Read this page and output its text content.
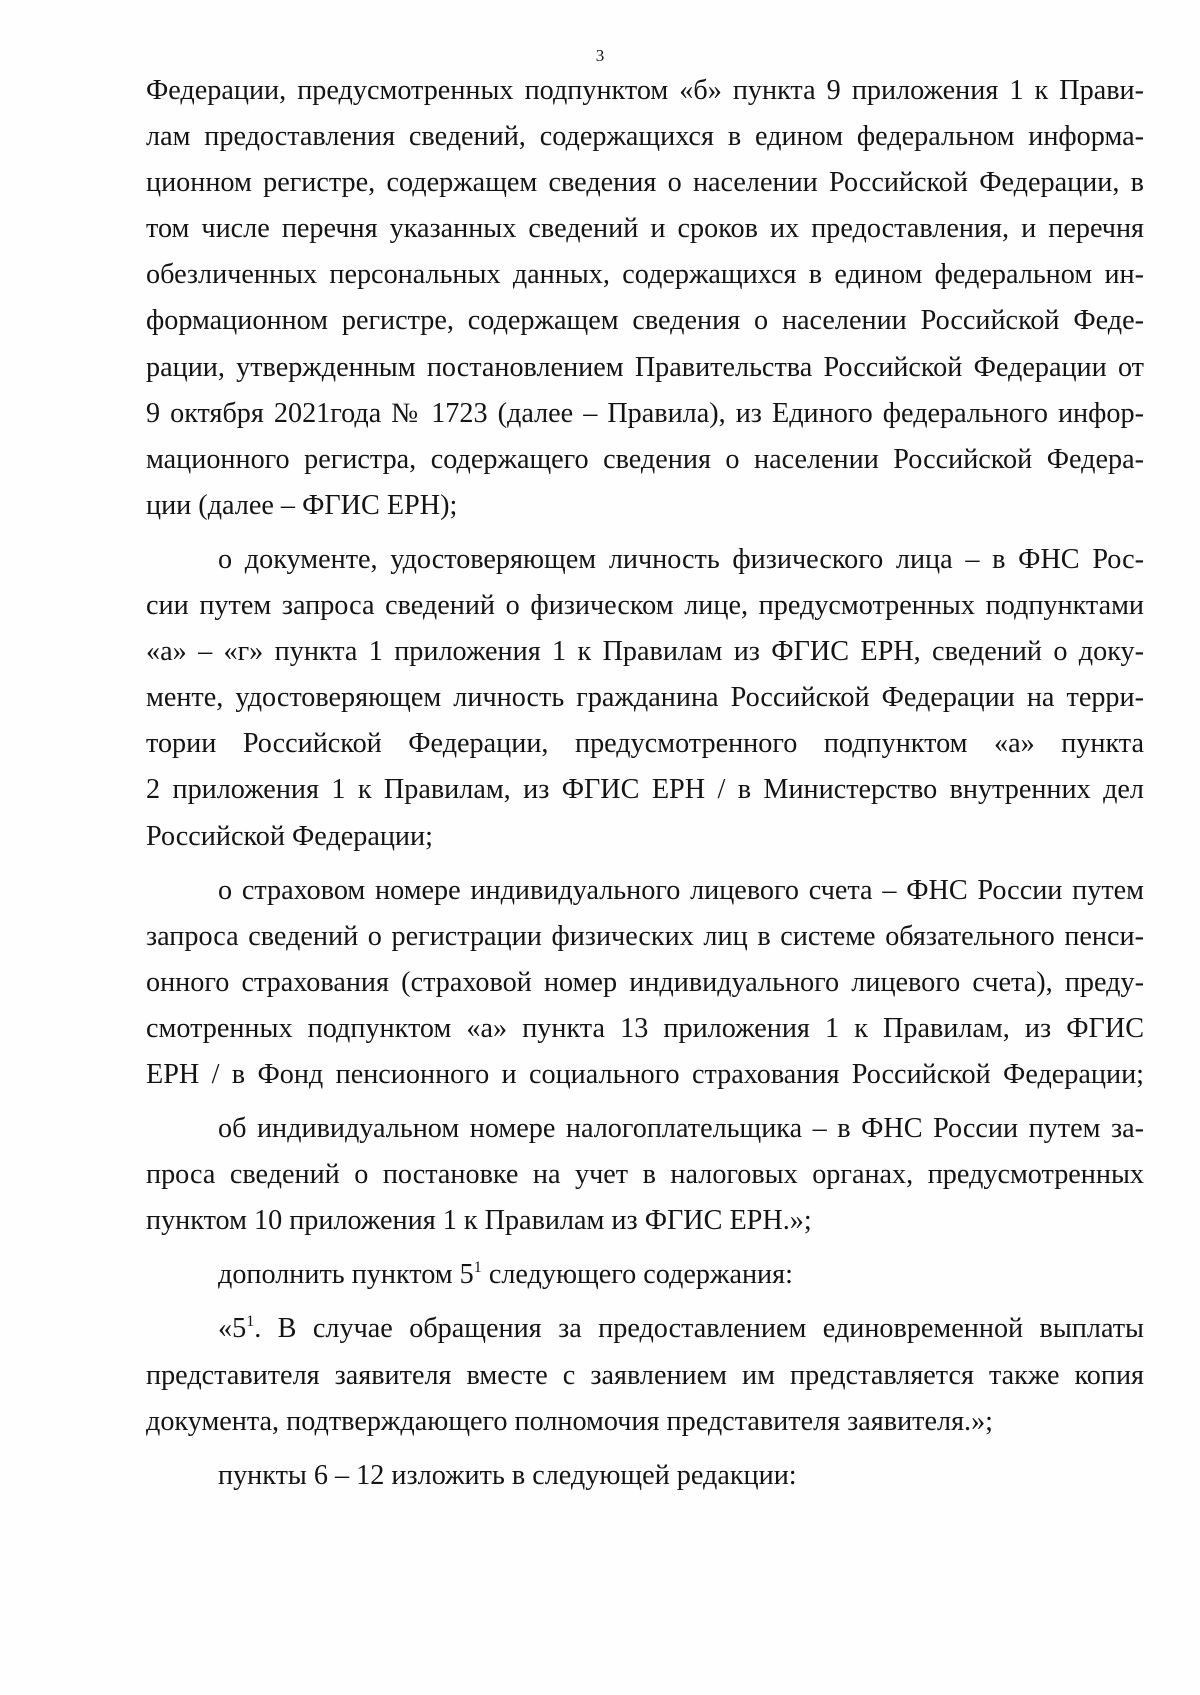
3
Федерации, предусмотренных подпунктом «б» пункта 9 приложения 1 к Прави-
лам предоставления сведений, содержащихся в едином федеральном информа-
ционном регистре, содержащем сведения о населении Российской Федерации, в
том числе перечня указанных сведений и сроков их предоставления, и перечня
обезличенных персональных данных, содержащихся в едином федеральном ин-
формационном регистре, содержащем сведения о населении Российской Феде-
рации, утвержденным постановлением Правительства Российской Федерации от
9 октября 2021года № 1723 (далее – Правила), из Единого федерального инфор-
мационного регистра, содержащего сведения о населении Российской Федера-
ции (далее – ФГИС ЕРН);
о документе, удостоверяющем личность физического лица – в ФНС Рос-
сии путем запроса сведений о физическом лице, предусмотренных подпунктами
«а» – «г» пункта 1 приложения 1 к Правилам из ФГИС ЕРН, сведений о доку-
менте, удостоверяющем личность гражданина Российской Федерации на терри-
тории Российской Федерации, предусмотренного подпунктом «а» пункта
2 приложения 1 к Правилам, из ФГИС ЕРН / в Министерство внутренних дел
Российской Федерации;
о страховом номере индивидуального лицевого счета – ФНС России путем
запроса сведений о регистрации физических лиц в системе обязательного пенси-
онного страхования (страховой номер индивидуального лицевого счета), преду-
смотренных подпунктом «а» пункта 13 приложения 1 к Правилам, из ФГИС
ЕРН / в Фонд пенсионного и социального страхования Российской Федерации;
об индивидуальном номере налогоплательщика – в ФНС России путем за-
проса сведений о постановке на учет в налоговых органах, предусмотренных
пунктом 10 приложения 1 к Правилам из ФГИС ЕРН.»;
дополнить пунктом $5^1$ следующего содержания:
«$5^1$. В случае обращения за предоставлением единовременной выплаты
представителя заявителя вместе с заявлением им представляется также копия
документа, подтверждающего полномочия представителя заявителя.»;
пункты 6 – 12 изложить в следующей редакции:
